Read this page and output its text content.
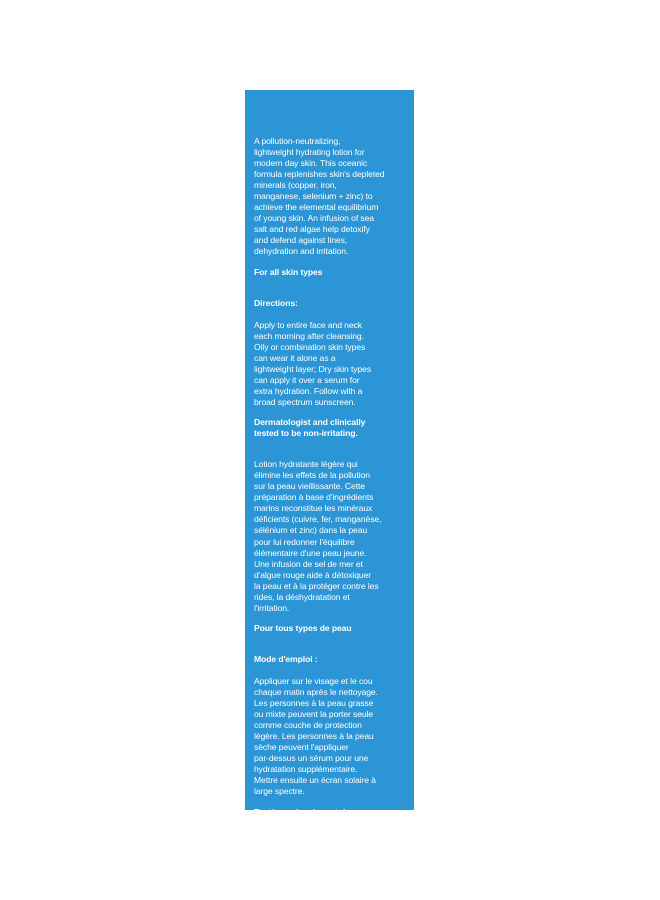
A pollution-neutralizing,
lightweight hydrating lotion for
modern day skin. This oceanic
formula replenishes skin's depleted
minerals (copper, iron,
manganese, selenium + zinc) to
achieve the elemental equilibrium
of young skin. An infusion of sea
salt and red algae help detoxify
and defend against lines,
dehydration and irritation.
For all skin types

Directions:

Apply to entire face and neck
each morning after cleansing.
Oily or combination skin types
can wear it alone as a
lightweight layer; Dry skin types
can apply it over a serum for
extra hydration. Follow with a
broad spectrum sunscreen.

Dermatologist and clinically
tested to be non-irritating.
Lotion hydratante légère qui
élimine les effets de la pollution
sur la peau vieillissante. Cette
préparation à base d'ingrédients
marins reconstitue les minéraux
déficients (cuivre, fer, manganèse,
sélénium et zinc) dans la peau
pour lui redonner l'équilibre
élémentaire d'une peau jeune.
Une infusion de sel de mer et
d'algue rouge aide à détoxiquer
la peau et à la protéger contre les
rides, la déshydratation et
l'irritation.
Pour tous types de peau

Mode d'emploi :

Appliquer sur le visage et le cou
chaque matin après le nettoyage.
Les personnes à la peau grasse
ou mixte peuvent la porter seule
comme couche de protection
légère. Les personnes à la peau
sèche peuvent l'appliquer
par-dessus un sérum pour une
hydratation supplémentaire.
Mettre ensuite un écran solaire à
large spectre.

Testé par des dermatologues
et en clinique, non irritant.
